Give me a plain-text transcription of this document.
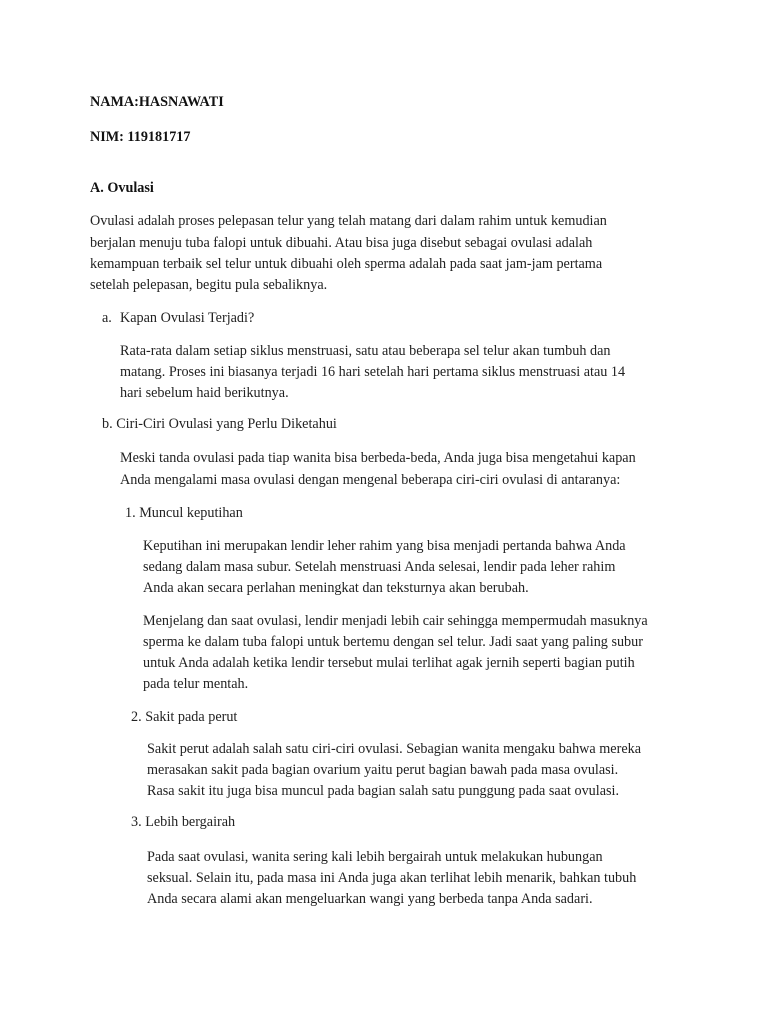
NAMA:HASNAWATI
NIM: 119181717
A. Ovulasi
Ovulasi adalah proses pelepasan telur yang telah matang dari dalam rahim untuk kemudian
berjalan menuju tuba falopi untuk dibuahi. Atau bisa juga disebut sebagai ovulasi adalah
kemampuan terbaik sel telur untuk dibuahi oleh sperma adalah pada saat jam-jam pertama
setelah pelepasan, begitu pula sebaliknya.
a. Kapan Ovulasi Terjadi?
Rata-rata dalam setiap siklus menstruasi, satu atau beberapa sel telur akan tumbuh dan
matang. Proses ini biasanya terjadi 16 hari setelah hari pertama siklus menstruasi atau 14
hari sebelum haid berikutnya.
b. Ciri-Ciri Ovulasi yang Perlu Diketahui
Meski tanda ovulasi pada tiap wanita bisa berbeda-beda, Anda juga bisa mengetahui kapan
Anda mengalami masa ovulasi dengan mengenal beberapa ciri-ciri ovulasi di antaranya:
1. Muncul keputihan
Keputihan ini merupakan lendir leher rahim yang bisa menjadi pertanda bahwa Anda
sedang dalam masa subur. Setelah menstruasi Anda selesai, lendir pada leher rahim
Anda akan secara perlahan meningkat dan teksturnya akan berubah.
Menjelang dan saat ovulasi, lendir menjadi lebih cair sehingga mempermudah masuknya
sperma ke dalam tuba falopi untuk bertemu dengan sel telur. Jadi saat yang paling subur
untuk Anda adalah ketika lendir tersebut mulai terlihat agak jernih seperti bagian putih
pada telur mentah.
2. Sakit pada perut
Sakit perut adalah salah satu ciri-ciri ovulasi. Sebagian wanita mengaku bahwa mereka
merasakan sakit pada bagian ovarium yaitu perut bagian bawah pada masa ovulasi.
Rasa sakit itu juga bisa muncul pada bagian salah satu punggung pada saat ovulasi.
3. Lebih bergairah
Pada saat ovulasi, wanita sering kali lebih bergairah untuk melakukan hubungan
seksual. Selain itu, pada masa ini Anda juga akan terlihat lebih menarik, bahkan tubuh
Anda secara alami akan mengeluarkan wangi yang berbeda tanpa Anda sadari.
